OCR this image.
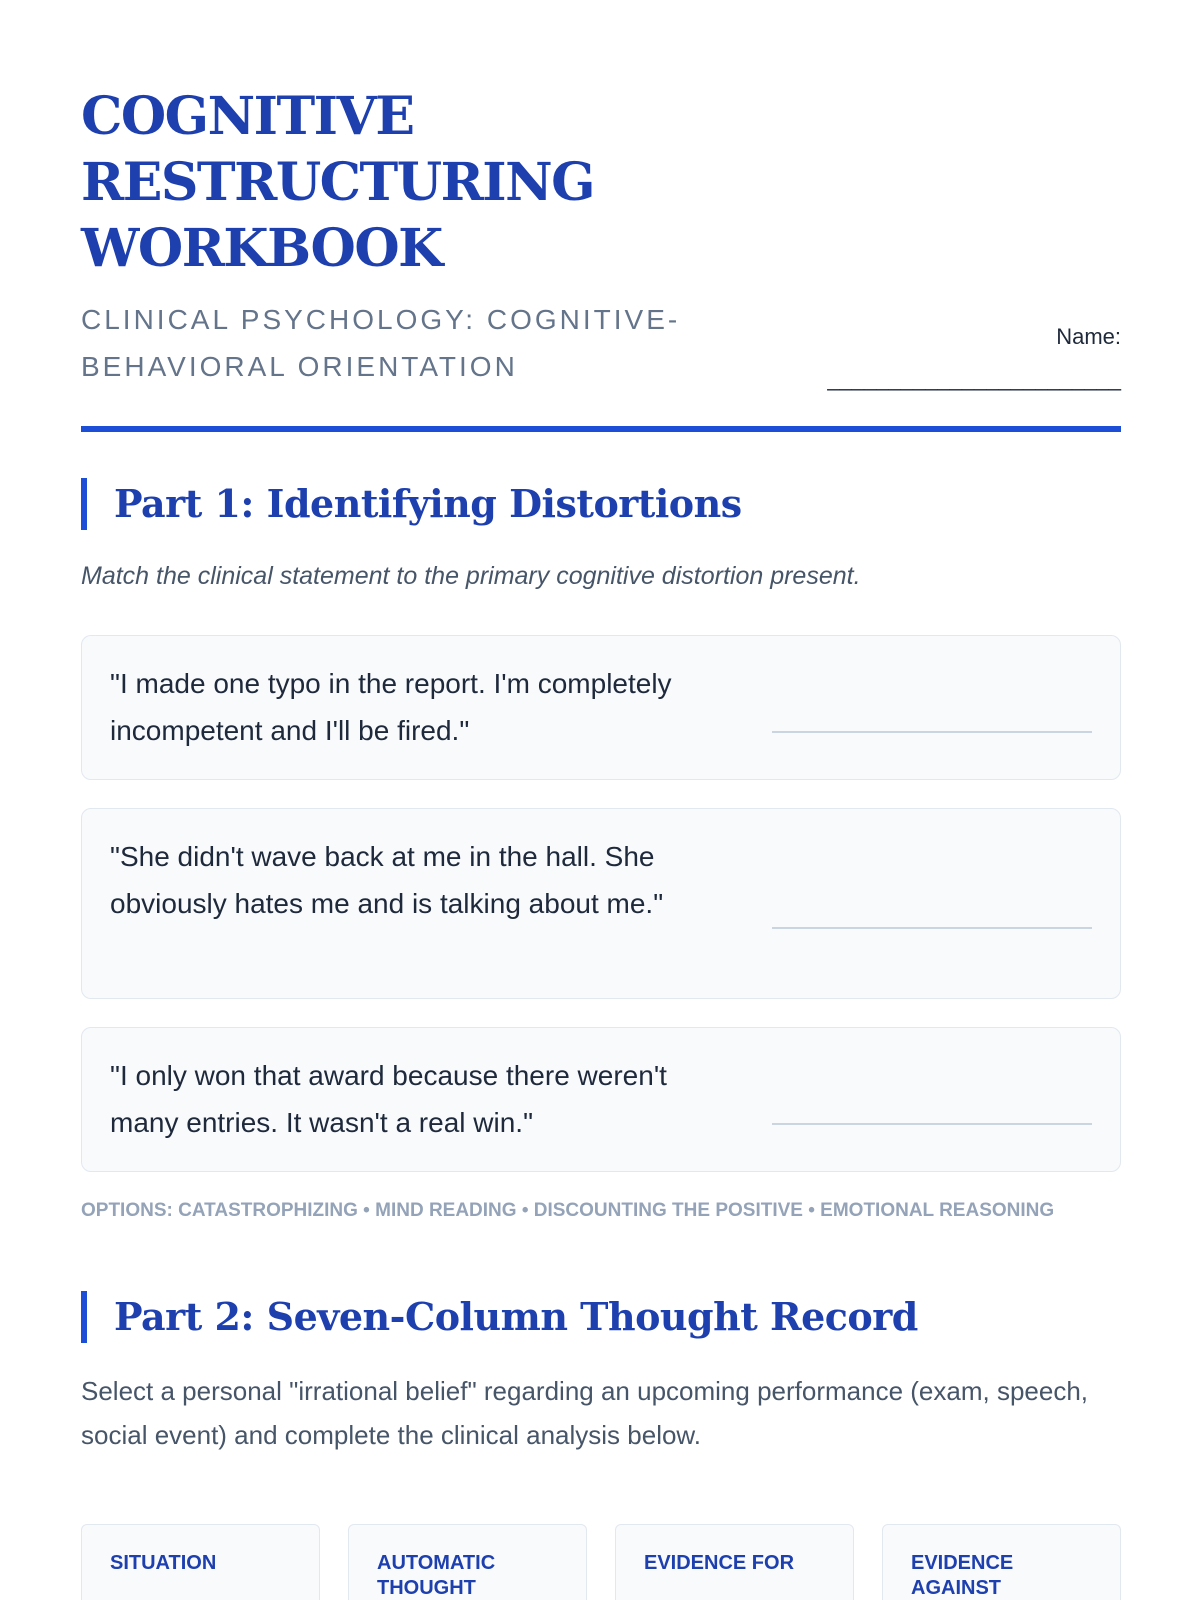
COGNITIVE RESTRUCTURING WORKBOOK
CLINICAL PSYCHOLOGY: COGNITIVE-BEHAVIORAL ORIENTATION
Name:
________________________
Part 1: Identifying Distortions

Match the clinical statement to the primary cognitive distortion present.

"I made one typo in the report. I'm completely incompetent and I'll be fired."
"She didn't wave back at me in the hall. She obviously hates me and is talking about me."
"I only won that award because there weren't many entries. It wasn't a real win."
OPTIONS: CATASTROPHIZING • MIND READING • DISCOUNTING THE POSITIVE • EMOTIONAL REASONING
Part 2: Seven-Column Thought Record

Select a personal "irrational belief" regarding an upcoming performance (exam, speech, social event) and complete the clinical analysis below.

SITUATION	AUTOMATIC THOUGHT
EVIDENCE FOR	EVIDENCE AGAINST
